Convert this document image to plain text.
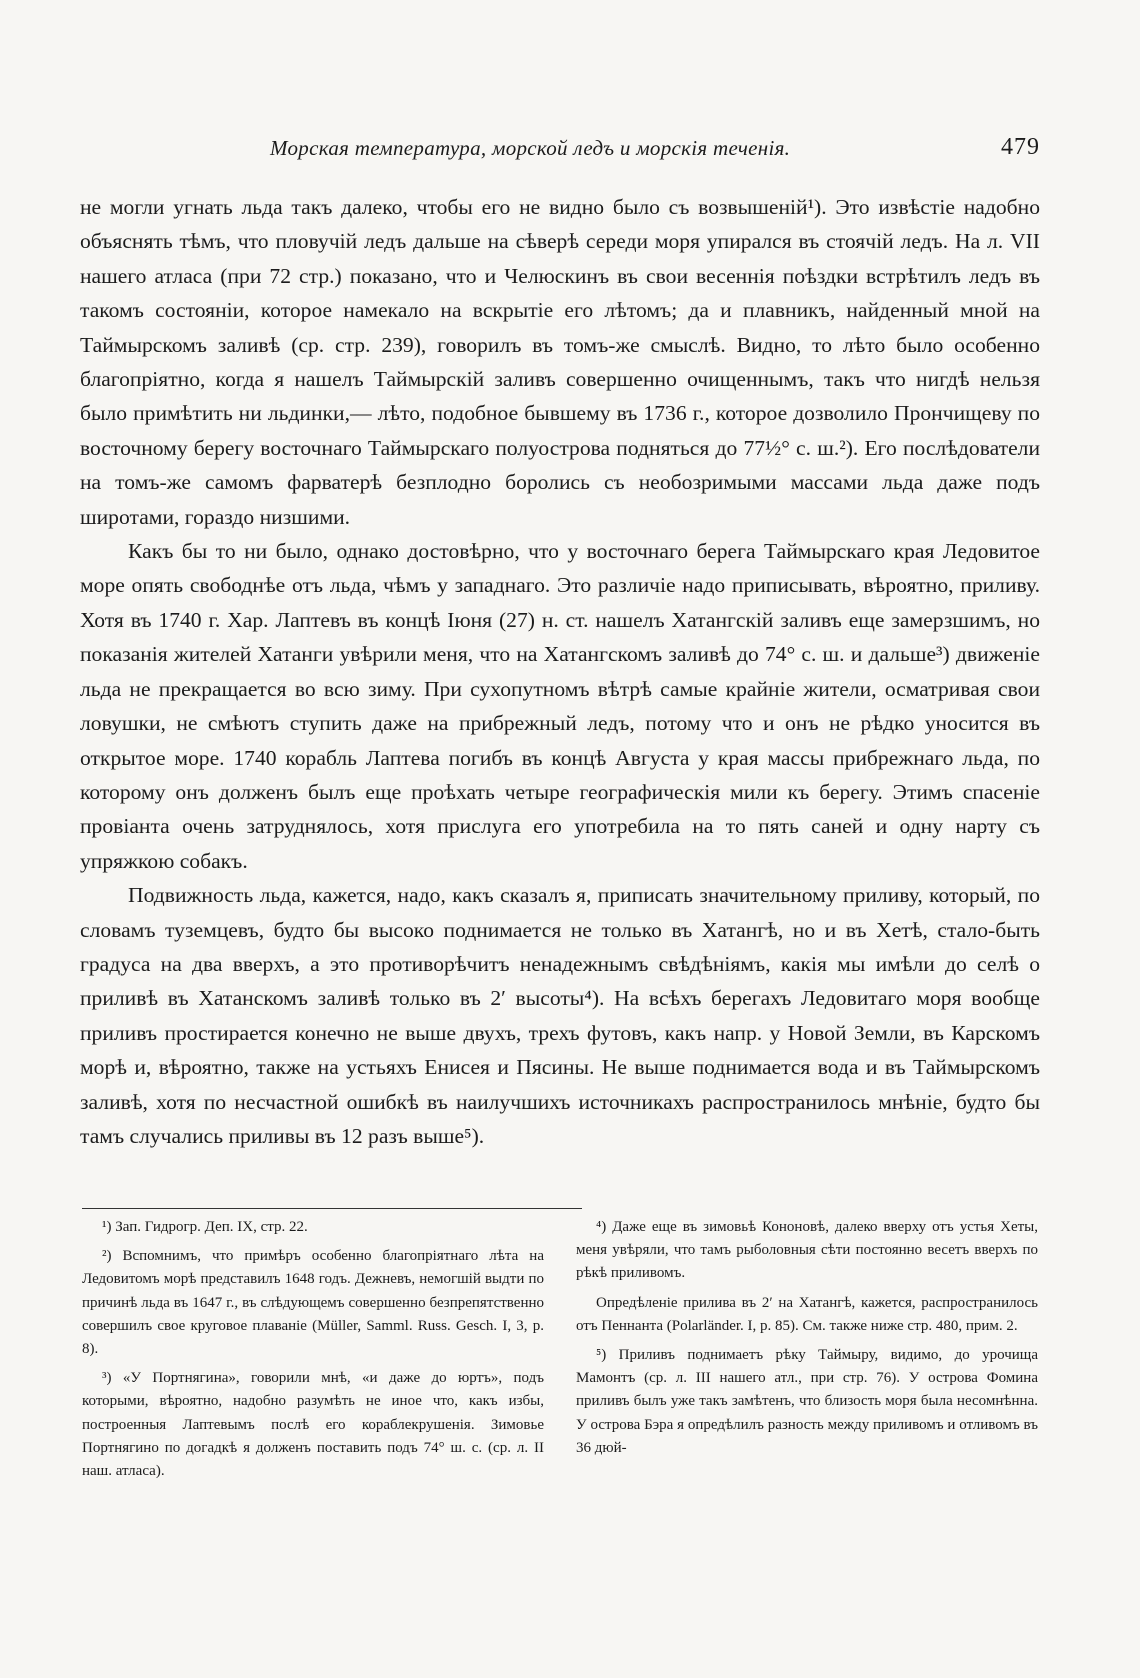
Морская температура, морской ледъ и морскія теченія.	479

не могли угнать льда такъ далеко, чтобы его не видно было съ возвышеній¹). Это извѣстіе надобно объяснять тѣмъ, что пловучій ледъ дальше на сѣверѣ середи моря упирался въ стоячій ледъ. На л. VII нашего атласа (при 72 стр.) показано, что и Челюскинъ въ свои весеннія поѣздки встрѣтилъ ледъ въ такомъ состояніи, которое намекало на вскрытіе его лѣтомъ; да и плавникъ, найденный мной на Таймырскомъ заливѣ (ср. стр. 239), говорилъ въ томъ-же смыслѣ. Видно, то лѣто было особенно благопріятно, когда я нашелъ Таймырскій заливъ совершенно очищеннымъ, такъ что нигдѣ нельзя было примѣтить ни льдинки,— лѣто, подобное бывшему въ 1736 г., которое дозволило Прончищеву по восточному берегу восточнаго Таймырскаго полуострова подняться до 77½° с. ш.²). Его послѣдователи на томъ-же самомъ фарватерѣ безплодно боролись съ необозримыми массами льда даже подъ широтами, гораздо низшими.

Какъ бы то ни было, однако достовѣрно, что у восточнаго берега Таймырскаго края Ледовитое море опять свободнѣе отъ льда, чѣмъ у западнаго. Это различіе надо приписывать, вѣроятно, приливу. Хотя въ 1740 г. Хар. Лаптевъ въ концѣ Іюня (27) н. ст. нашелъ Хатангскій заливъ еще замерзшимъ, но показанія жителей Хатанги увѣрили меня, что на Хатангскомъ заливѣ до 74° с. ш. и дальше³) движеніе льда не прекращается во всю зиму. При сухопутномъ вѣтрѣ самые крайніе жители, осматривая свои ловушки, не смѣютъ ступить даже на прибрежный ледъ, потому что и онъ не рѣдко уносится въ открытое море. 1740 корабль Лаптева погибъ въ концѣ Августа у края массы прибрежнаго льда, по которому онъ долженъ былъ еще проѣхать четыре географическія мили къ берегу. Этимъ спасеніе провіанта очень затруднялось, хотя прислуга его употребила на то пять саней и одну нарту съ упряжкою собакъ.

Подвижность льда, кажется, надо, какъ сказалъ я, приписать значительному приливу, который, по словамъ туземцевъ, будто бы высоко поднимается не только въ Хатангѣ, но и въ Хетѣ, стало-быть градуса на два вверхъ, а это противорѣчитъ ненадежнымъ свѣдѣніямъ, какія мы имѣли до селѣ о приливѣ въ Хатанскомъ заливѣ только въ 2′ высоты⁴). На всѣхъ берегахъ Ледовитаго моря вообще приливъ простирается конечно не выше двухъ, трехъ футовъ, какъ напр. у Новой Земли, въ Карскомъ морѣ и, вѣроятно, также на устьяхъ Енисея и Пясины. Не выше поднимается вода и въ Таймырскомъ заливѣ, хотя по несчастной ошибкѣ въ наилучшихъ источникахъ распространилось мнѣніе, будто бы тамъ случались приливы въ 12 разъ выше⁵).

¹) Зап. Гидрогр. Деп. IX, стр. 22.

²) Вспомнимъ, что примѣръ особенно благопріятнаго лѣта на Ледовитомъ морѣ представилъ 1648 годъ. Дежневъ, немогшій выдти по причинѣ льда въ 1647 г., въ слѣдующемъ совершенно безпрепятственно совершилъ свое круговое плаваніе (Müller, Samml. Russ. Gesch. I, 3, p. 8).

³) «У Портнягина», говорили мнѣ, «и даже до юртъ», подъ которыми, вѣроятно, надобно разумѣть не иное что, какъ избы, построенныя Лаптевымъ послѣ его кораблекрушенія. Зимовье Портнягино по догадкѣ я долженъ поставить подъ 74° ш. с. (ср. л. II наш. атласа).

⁴) Даже еще въ зимовьѣ Кононовѣ, далеко вверху отъ устья Хеты, меня увѣряли, что тамъ рыболовныя сѣти постоянно весетъ вверхъ по рѣкѣ приливомъ.

Опредѣленіе прилива въ 2′ на Хатангѣ, кажется, распространилось отъ Пеннанта (Polarländer. I, p. 85). См. также ниже стр. 480, прим. 2.

⁵) Приливъ поднимаетъ рѣку Таймыру, видимо, до урочища Мамонтъ (ср. л. III нашего атл., при стр. 76). У острова Фомина приливъ былъ уже такъ замѣтенъ, что близость моря была несомнѣнна. У острова Бэра я опредѣлилъ разность между приливомъ и отливомъ въ 36 дюй-
